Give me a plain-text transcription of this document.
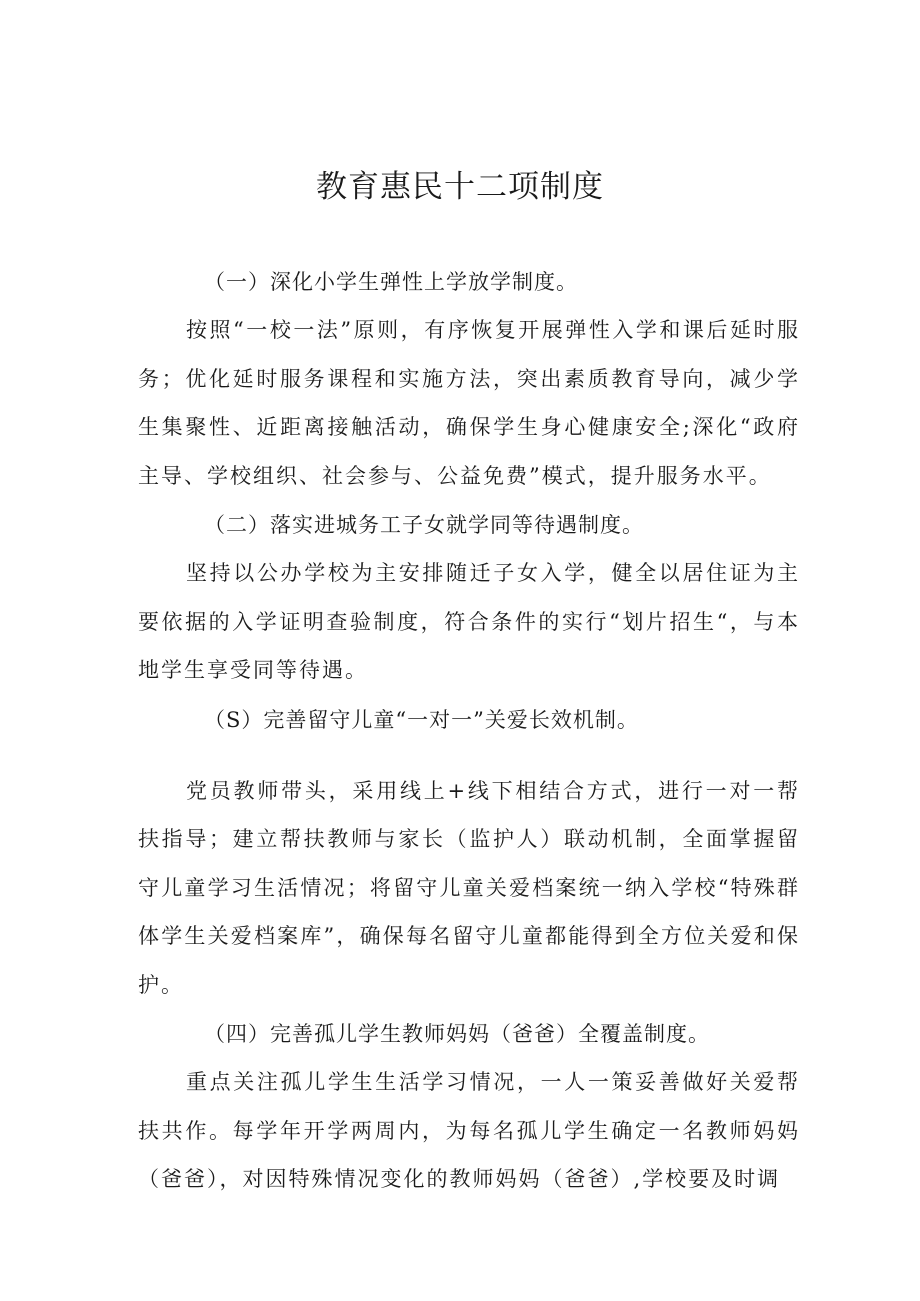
教育惠民十二项制度

（一）深化小学生弹性上学放学制度。

按照“一校一法”原则，有序恢复开展弹性入学和课后延时服务；优化延时服务课程和实施方法，突出素质教育导向，减少学生集聚性、近距离接触活动，确保学生身心健康安全;深化“政府主导、学校组织、社会参与、公益免费”模式，提升服务水平。

（二）落实进城务工子女就学同等待遇制度。

坚持以公办学校为主安排随迁子女入学，健全以居住证为主要依据的入学证明查验制度，符合条件的实行“划片招生“，与本地学生享受同等待遇。

（S）完善留守儿童“一对一”关爱长效机制。

党员教师带头，采用线上+线下相结合方式，进行一对一帮扶指导；建立帮扶教师与家长（监护人）联动机制，全面掌握留守儿童学习生活情况；将留守儿童关爱档案统一纳入学校“特殊群体学生关爱档案库”，确保每名留守儿童都能得到全方位关爱和保护。

（四）完善孤儿学生教师妈妈（爸爸）全覆盖制度。

重点关注孤儿学生生活学习情况，一人一策妥善做好关爱帮扶共作。每学年开学两周内，为每名孤儿学生确定一名教师妈妈（爸爸），对因特殊情况变化的教师妈妈（爸爸）,学校要及时调
